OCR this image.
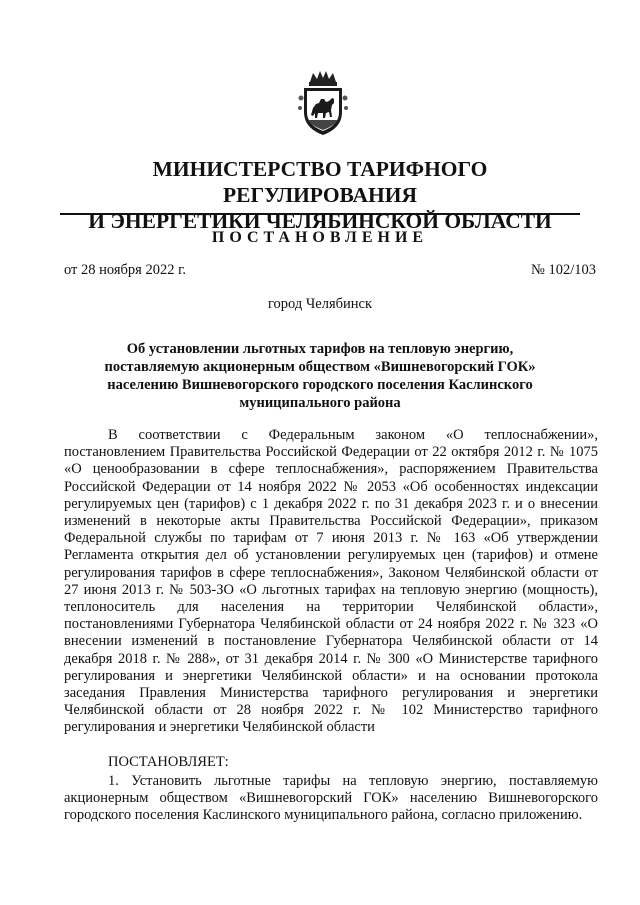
МИНИСТЕРСТВО ТАРИФНОГО РЕГУЛИРОВАНИЯ
И ЭНЕРГЕТИКИ ЧЕЛЯБИНСКОЙ ОБЛАСТИ
ПОСТАНОВЛЕНИЕ
от 28 ноября 2022 г.	№ 102/103
город Челябинск
Об установлении льготных тарифов на тепловую энергию,
поставляемую акционерным обществом «Вишневогорский ГОК»
населению Вишневогорского городского поселения Каслинского
муниципального района

В соответствии с Федеральным законом «О теплоснабжении», постановлением Правительства Российской Федерации от 22 октября 2012 г. № 1075 «О ценообразовании в сфере теплоснабжения», распоряжением Правительства Российской Федерации от 14 ноября 2022 № 2053 «Об особенностях индексации регулируемых цен (тарифов) с 1 декабря 2022 г. по 31 декабря 2023 г. и о внесении изменений в некоторые акты Правительства Российской Федерации», приказом Федеральной службы по тарифам от 7 июня 2013 г. № 163 «Об утверждении Регламента открытия дел об установлении регулируемых цен (тарифов) и отмене регулирования тарифов в сфере теплоснабжения», Законом Челябинской области от 27 июня 2013 г. № 503-ЗО «О льготных тарифах на тепловую энергию (мощность), теплоноситель для населения на территории Челябинской области», постановлениями Губернатора Челябинской области от 24 ноября 2022 г. № 323 «О внесении изменений в постановление Губернатора Челябинской области от 14 декабря 2018 г. № 288», от 31 декабря 2014 г. № 300 «О Министерстве тарифного регулирования и энергетики Челябинской области» и на основании протокола заседания Правления Министерства тарифного регулирования и энергетики Челябинской области от 28 ноября 2022 г. № 102 Министерство тарифного регулирования и энергетики Челябинской области

ПОСТАНОВЛЯЕТ:

1. Установить льготные тарифы на тепловую энергию, поставляемую акционерным обществом «Вишневогорский ГОК» населению Вишневогорского городского поселения Каслинского муниципального района, согласно приложению.
